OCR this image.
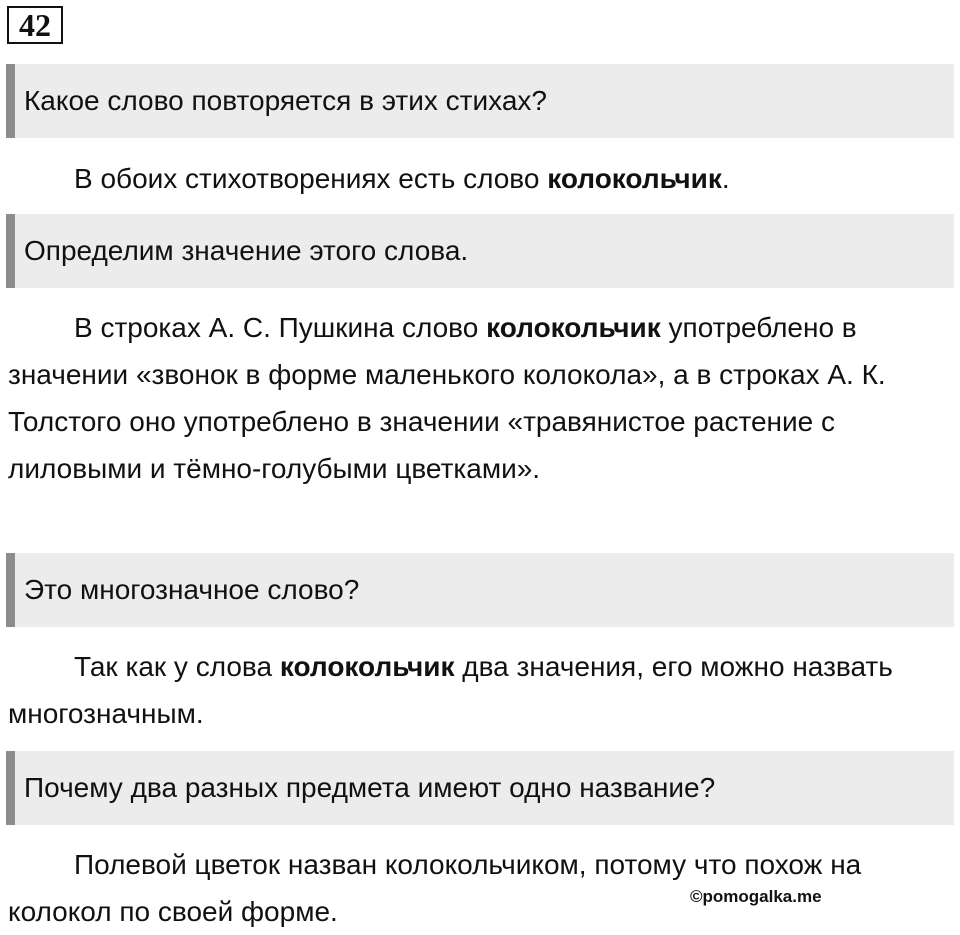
42
Какое слово повторяется в этих стихах?
В обоих стихотворениях есть слово колокольчик.
Определим значение этого слова.
В строках А. С. Пушкина слово колокольчик употреблено в значении «звонок в форме маленького колокола», а в строках А. К. Толстого оно употреблено в значении «травянистое растение с лиловыми и тёмно-голубыми цветками».
Это многозначное слово?
Так как у слова колокольчик два значения, его можно назвать многозначным.
Почему два разных предмета имеют одно название?
Полевой цветок назван колокольчиком, потому что похож на колокол по своей форме.	©pomogalka.me
